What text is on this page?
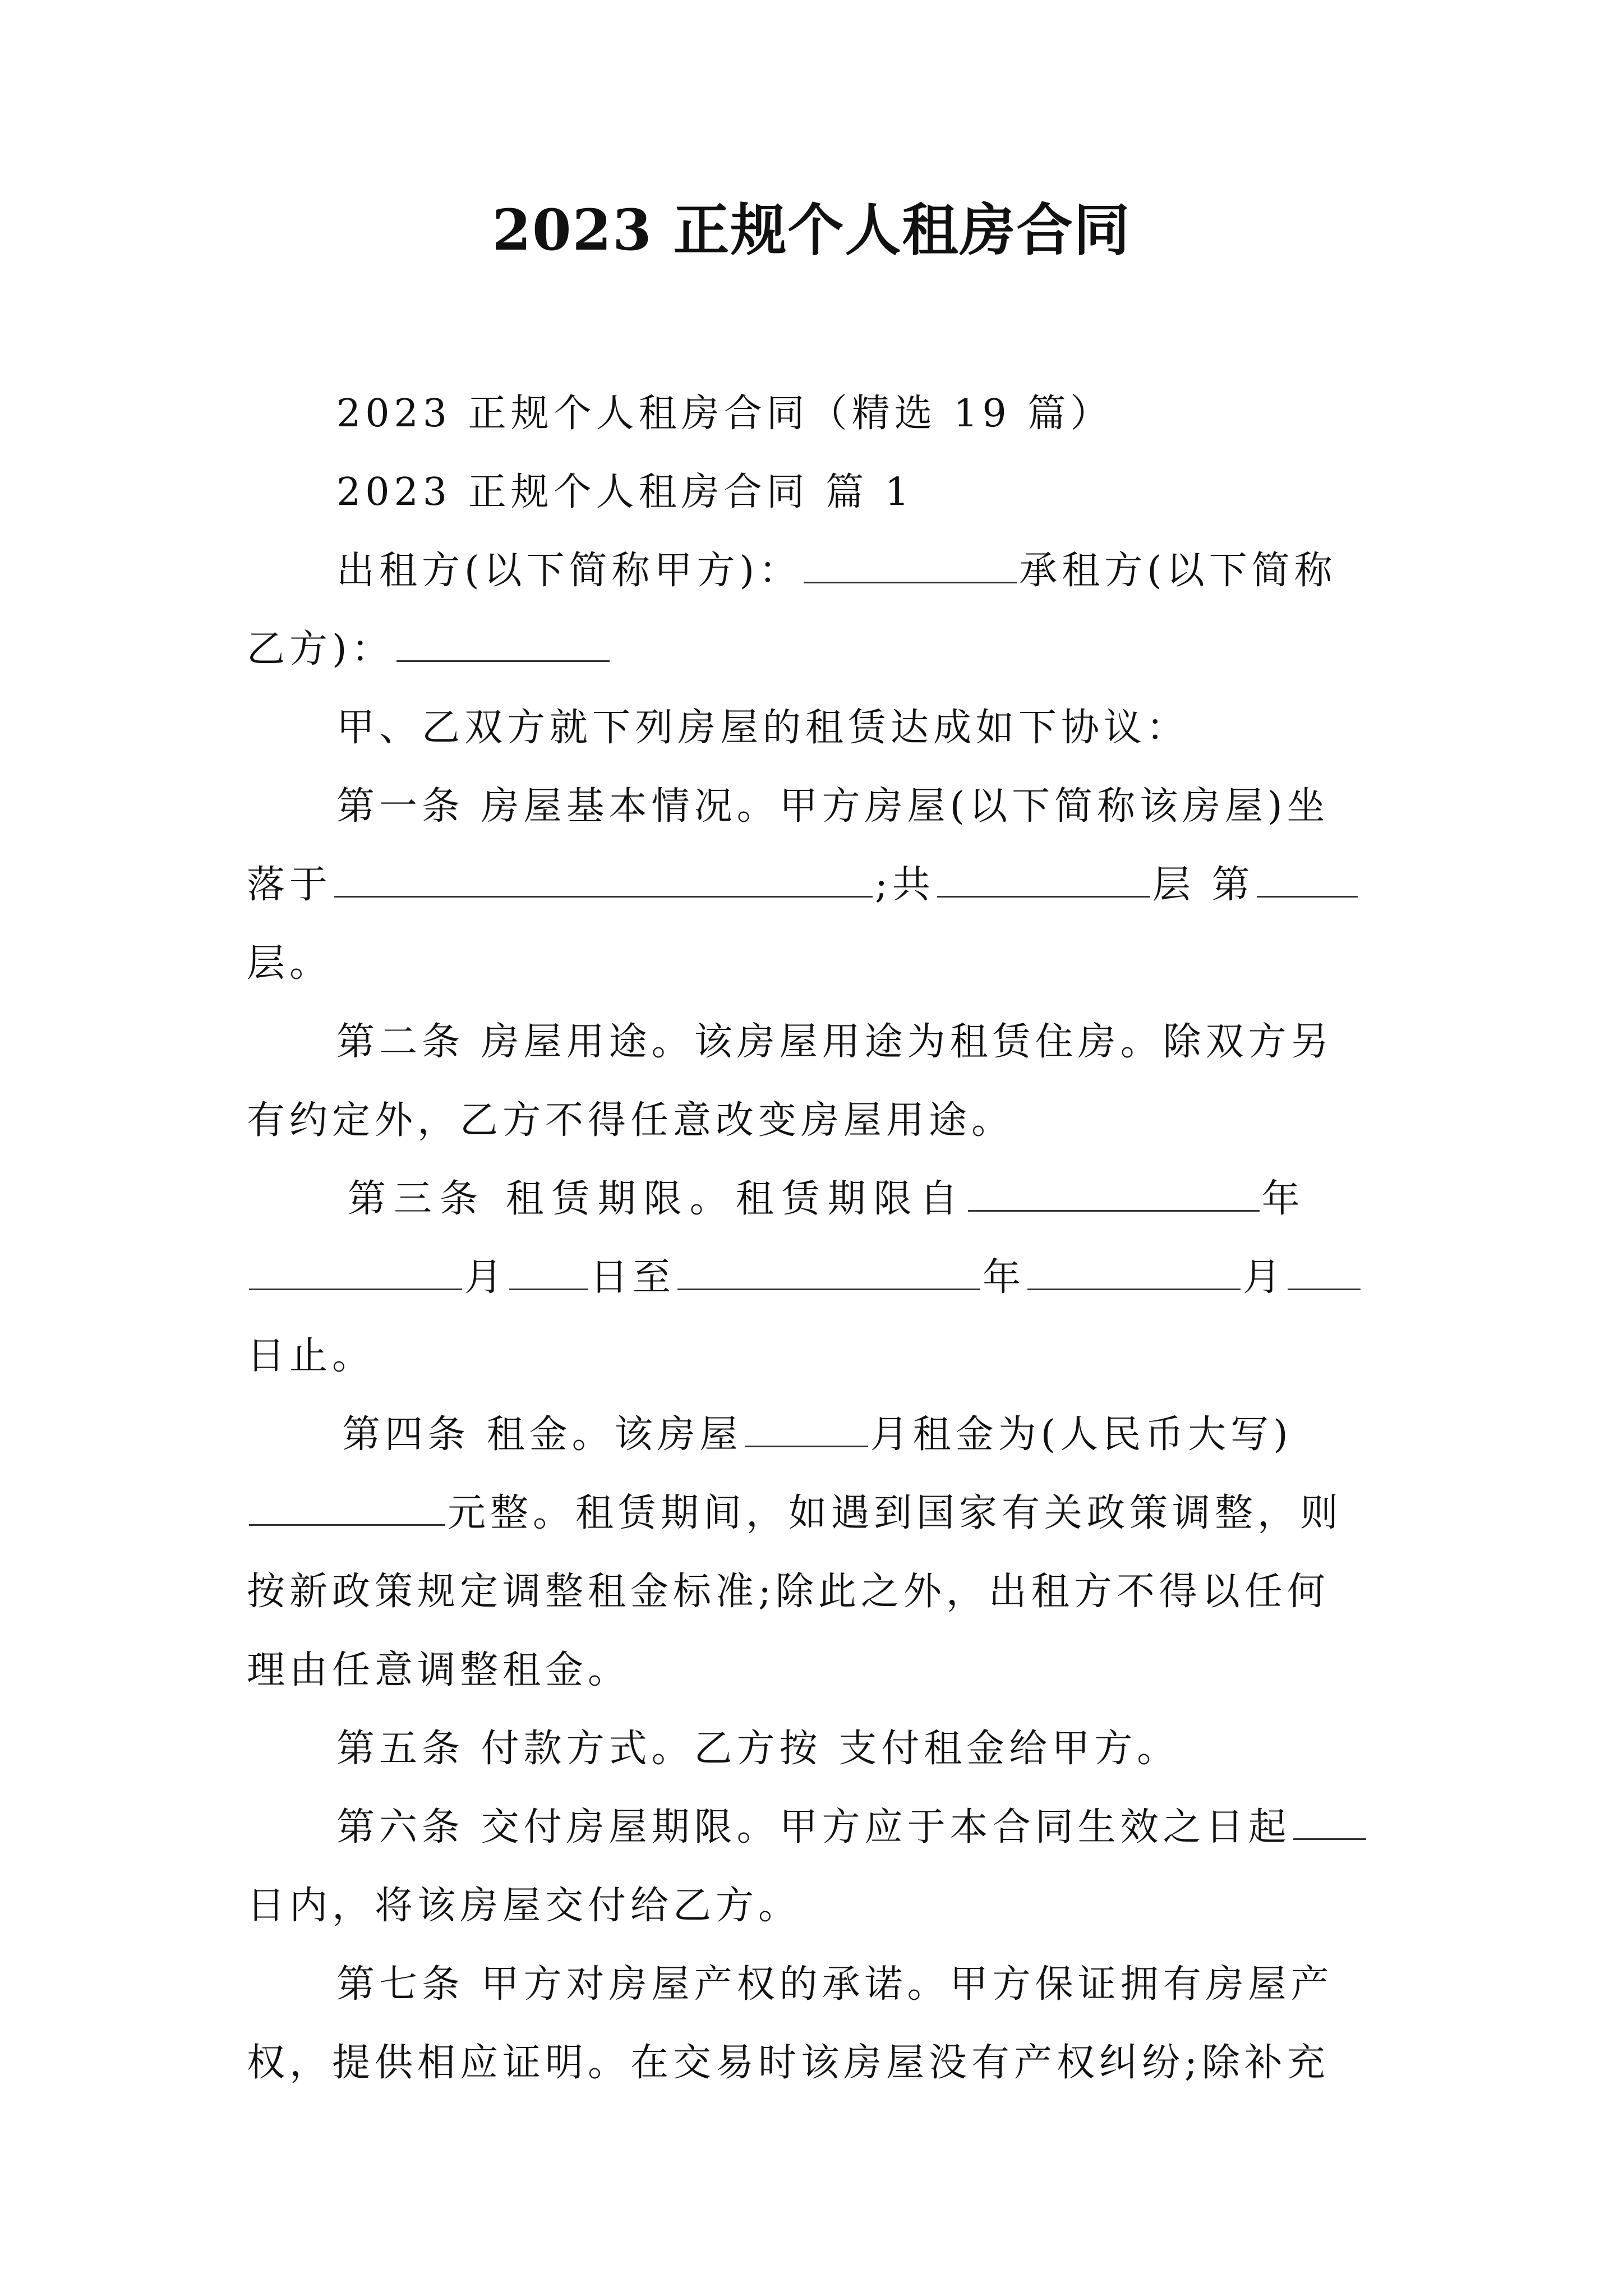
2023 正规个人租房合同
2023 正规个人租房合同（精选 19 篇）
2023 正规个人租房合同 篇 1
出租方(以下简称甲方)：	承租方(以下简称
乙方)：
甲、乙双方就下列房屋的租赁达成如下协议：
第一条 房屋基本情况。甲方房屋(以下简称该房屋)坐
落于	;共	层 第
层。
第二条 房屋用途。该房屋用途为租赁住房。除双方另
有约定外，乙方不得任意改变房屋用途。
第三条 租赁期限。租赁期限自	年
月 日至	年	月
日止。
第四条 租金。该房屋	月租金为(人民币大写)
元整。租赁期间，如遇到国家有关政策调整，则
按新政策规定调整租金标准;除此之外，出租方不得以任何
理由任意调整租金。
第五条 付款方式。乙方按 支付租金给甲方。
第六条 交付房屋期限。甲方应于本合同生效之日起
日内，将该房屋交付给乙方。
第七条 甲方对房屋产权的承诺。甲方保证拥有房屋产
权，提供相应证明。在交易时该房屋没有产权纠纷;除补充
